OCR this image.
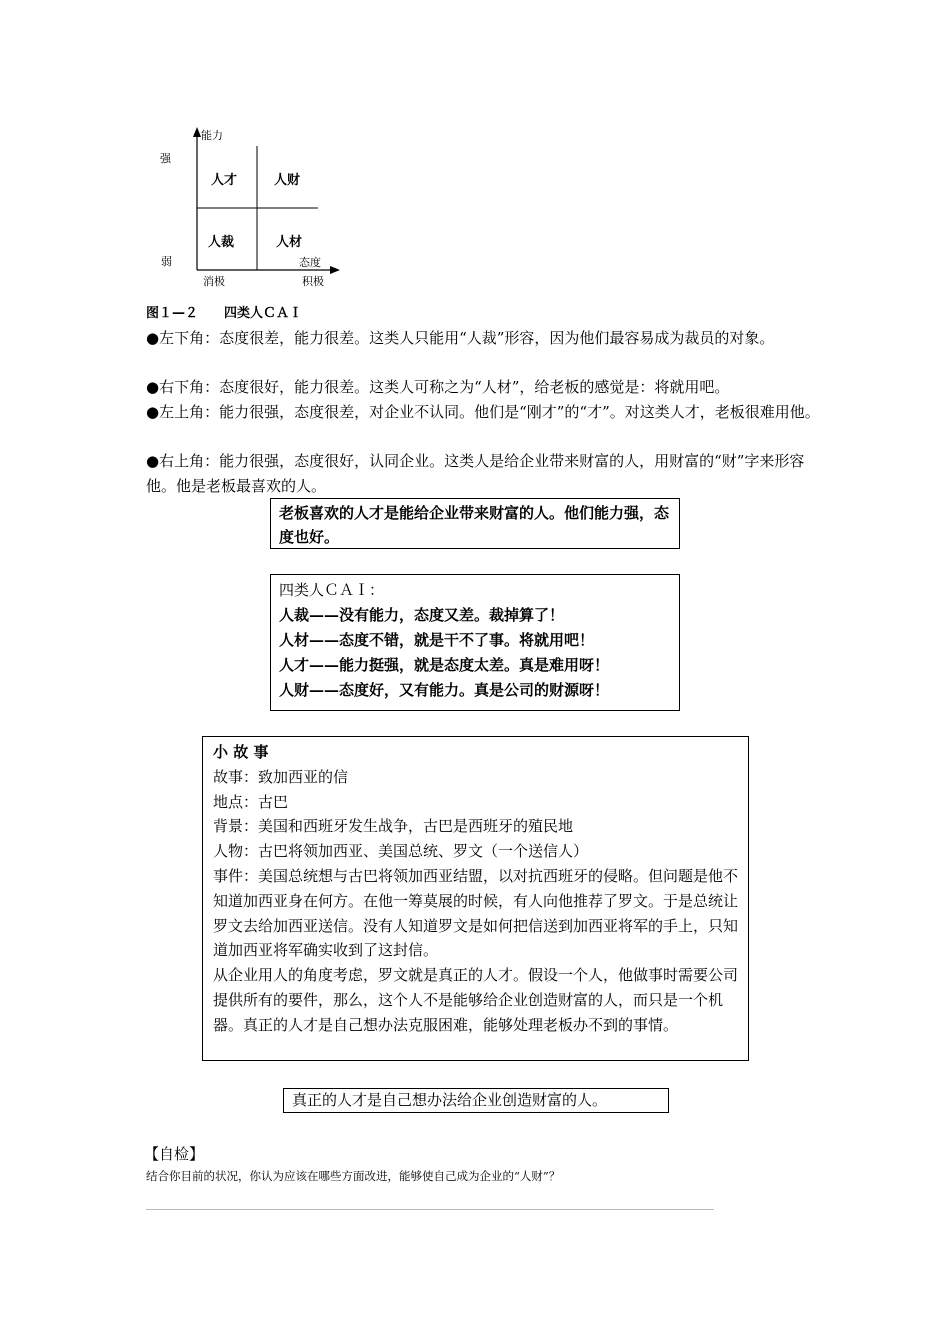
能力
强
弱	态度
消极	积极
人才	人财
人裁	人材
图１—２　　四类人ＣＡＩ
●左下角：态度很差，能力很差。这类人只能用“人裁”形容，因为他们最容易成为裁员的对象。
●右下角：态度很好，能力很差。这类人可称之为“人材”，给老板的感觉是：将就用吧。
●左上角：能力很强，态度很差，对企业不认同。他们是“刚才”的“才”。对这类人才，老板很难用他。
●右上角：能力很强，态度很好，认同企业。这类人是给企业带来财富的人，用财富的“财”字来形容他。他是老板最喜欢的人。
老板喜欢的人才是能给企业带来财富的人。他们能力强，态度也好。
四类人ＣＡＩ：
人裁——没有能力，态度又差。裁掉算了！
人材——态度不错，就是干不了事。将就用吧！
人才——能力挺强，就是态度太差。真是难用呀！
人财——态度好，又有能力。真是公司的财源呀！
小 故 事
故事：致加西亚的信
地点：古巴
背景：美国和西班牙发生战争，古巴是西班牙的殖民地
人物：古巴将领加西亚、美国总统、罗文（一个送信人）
事件：美国总统想与古巴将领加西亚结盟，以对抗西班牙的侵略。但问题是他不知道加西亚身在何方。在他一筹莫展的时候，有人向他推荐了罗文。于是总统让罗文去给加西亚送信。没有人知道罗文是如何把信送到加西亚将军的手上，只知道加西亚将军确实收到了这封信。
从企业用人的角度考虑，罗文就是真正的人才。假设一个人，他做事时需要公司提供所有的要件，那么，这个人不是能够给企业创造财富的人，而只是一个机器。真正的人才是自己想办法克服困难，能够处理老板办不到的事情。
真正的人才是自己想办法给企业创造财富的人。
【自检】
结合你目前的状况，你认为应该在哪些方面改进，能够使自己成为企业的“人财”？
